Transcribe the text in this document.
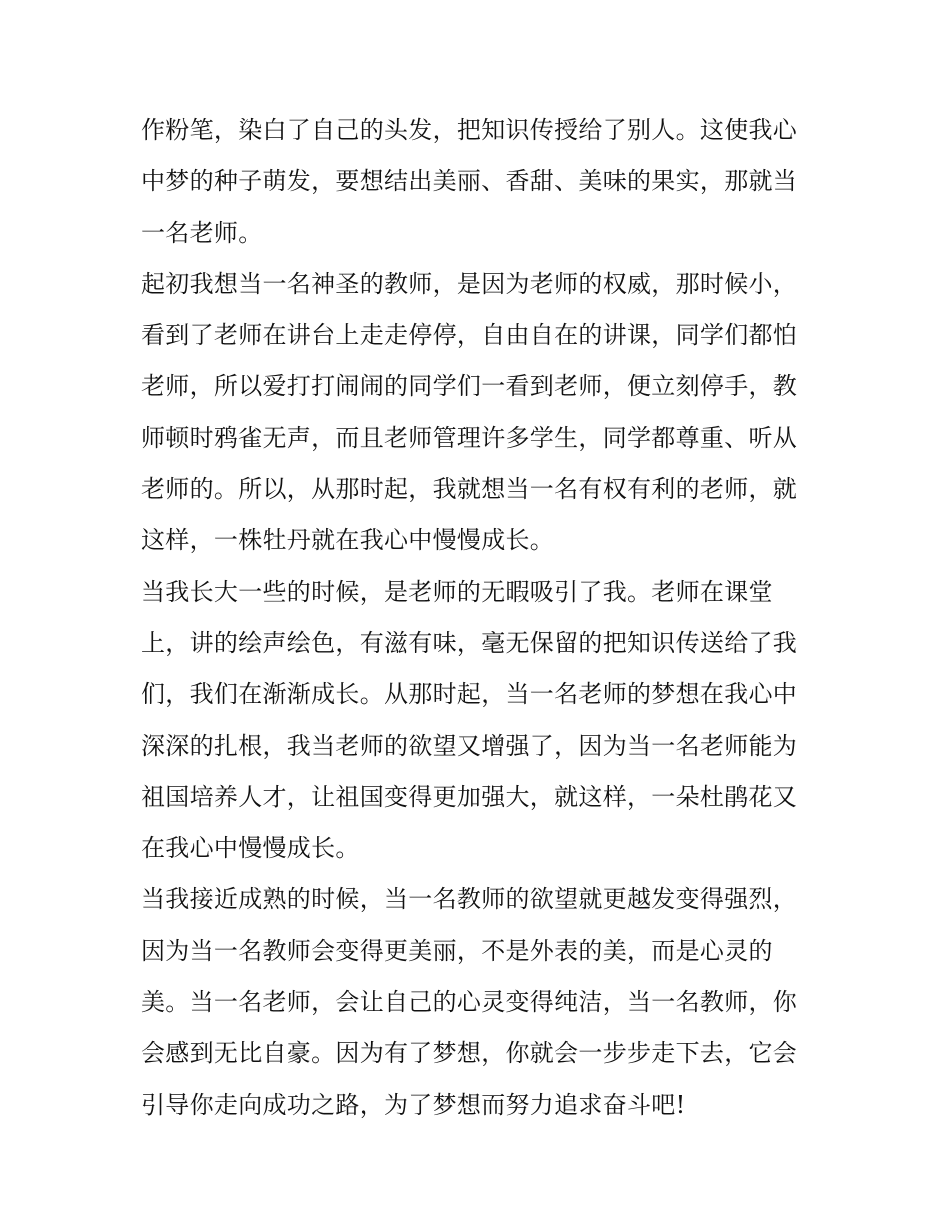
作粉笔，染白了自己的头发，把知识传授给了别人。这使我心
中梦的种子萌发，要想结出美丽、香甜、美味的果实，那就当
一名老师。
起初我想当一名神圣的教师，是因为老师的权威，那时候小，
看到了老师在讲台上走走停停，自由自在的讲课，同学们都怕
老师，所以爱打打闹闹的同学们一看到老师，便立刻停手，教
师顿时鸦雀无声，而且老师管理许多学生，同学都尊重、听从
老师的。所以，从那时起，我就想当一名有权有利的老师，就
这样，一株牡丹就在我心中慢慢成长。
当我长大一些的时候，是老师的无暇吸引了我。老师在课堂
上，讲的绘声绘色，有滋有味，毫无保留的把知识传送给了我
们，我们在渐渐成长。从那时起，当一名老师的梦想在我心中
深深的扎根，我当老师的欲望又增强了，因为当一名老师能为
祖国培养人才，让祖国变得更加强大，就这样，一朵杜鹃花又
在我心中慢慢成长。
当我接近成熟的时候，当一名教师的欲望就更越发变得强烈，
因为当一名教师会变得更美丽，不是外表的美，而是心灵的
美。当一名老师，会让自己的心灵变得纯洁，当一名教师，你
会感到无比自豪。因为有了梦想，你就会一步步走下去，它会
引导你走向成功之路，为了梦想而努力追求奋斗吧!
